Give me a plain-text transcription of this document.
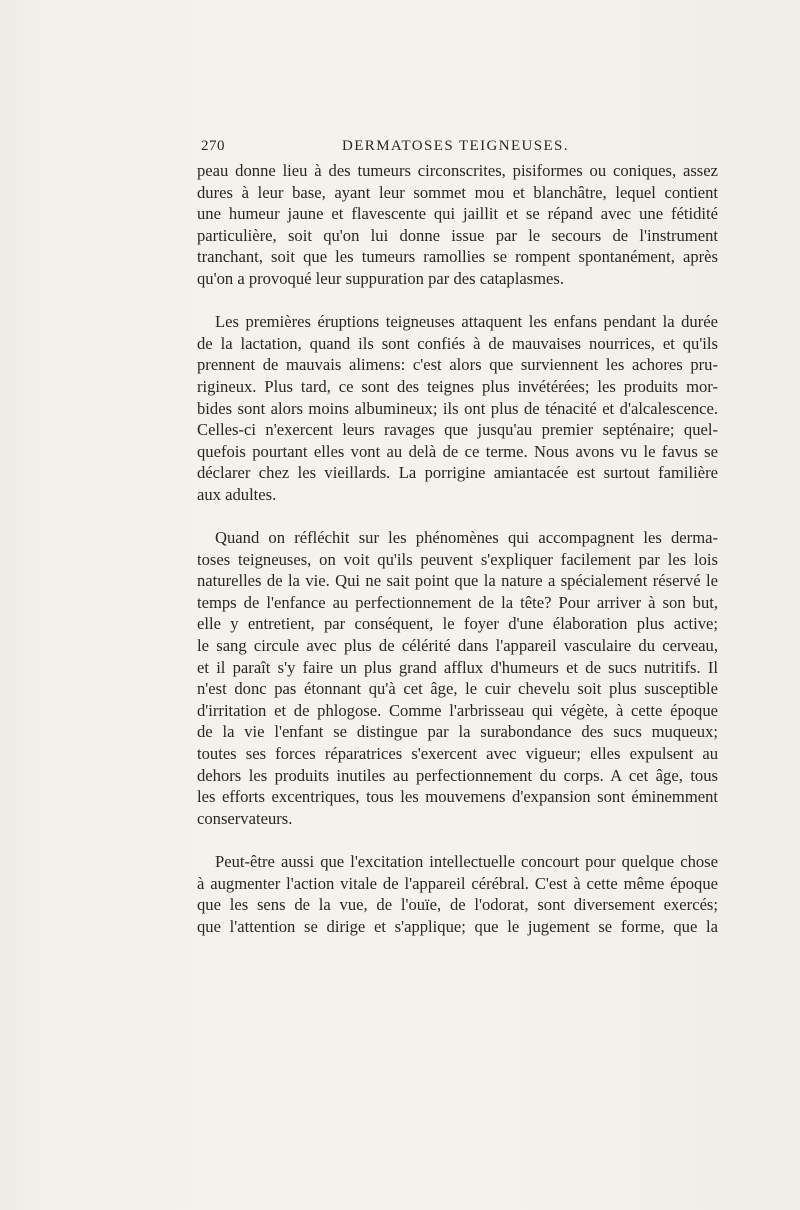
270	DERMATOSES TEIGNEUSES.
peau donne lieu à des tumeurs circonscrites, pisiformes ou coniques, assez
dures à leur base, ayant leur sommet mou et blanchâtre, lequel contient
une humeur jaune et flavescente qui jaillit et se répand avec une fétidité
particulière, soit qu'on lui donne issue par le secours de l'instrument
tranchant, soit que les tumeurs ramollies se rompent spontanément, après
qu'on a provoqué leur suppuration par des cataplasmes.
Les premières éruptions teigneuses attaquent les enfans pendant la durée
de la lactation, quand ils sont confiés à de mauvaises nourrices, et qu'ils
prennent de mauvais alimens: c'est alors que surviennent les achores pru-
rigineux. Plus tard, ce sont des teignes plus invétérées; les produits mor-
bides sont alors moins albumineux; ils ont plus de ténacité et d'alcalescence.
Celles-ci n'exercent leurs ravages que jusqu'au premier septénaire; quel-
quefois pourtant elles vont au delà de ce terme. Nous avons vu le favus se
déclarer chez les vieillards. La porrigine amiantacée est surtout familière
aux adultes.
Quand on réfléchit sur les phénomènes qui accompagnent les derma-
toses teigneuses, on voit qu'ils peuvent s'expliquer facilement par les lois
naturelles de la vie. Qui ne sait point que la nature a spécialement réservé le
temps de l'enfance au perfectionnement de la tête? Pour arriver à son but,
elle y entretient, par conséquent, le foyer d'une élaboration plus active;
le sang circule avec plus de célérité dans l'appareil vasculaire du cerveau,
et il paraît s'y faire un plus grand afflux d'humeurs et de sucs nutritifs. Il
n'est donc pas étonnant qu'à cet âge, le cuir chevelu soit plus susceptible
d'irritation et de phlogose. Comme l'arbrisseau qui végète, à cette époque
de la vie l'enfant se distingue par la surabondance des sucs muqueux;
toutes ses forces réparatrices s'exercent avec vigueur; elles expulsent au
dehors les produits inutiles au perfectionnement du corps. A cet âge, tous
les efforts excentriques, tous les mouvemens d'expansion sont éminemment
conservateurs.
Peut-être aussi que l'excitation intellectuelle concourt pour quelque chose
à augmenter l'action vitale de l'appareil cérébral. C'est à cette même époque
que les sens de la vue, de l'ouïe, de l'odorat, sont diversement exercés;
que l'attention se dirige et s'applique; que le jugement se forme, que la
